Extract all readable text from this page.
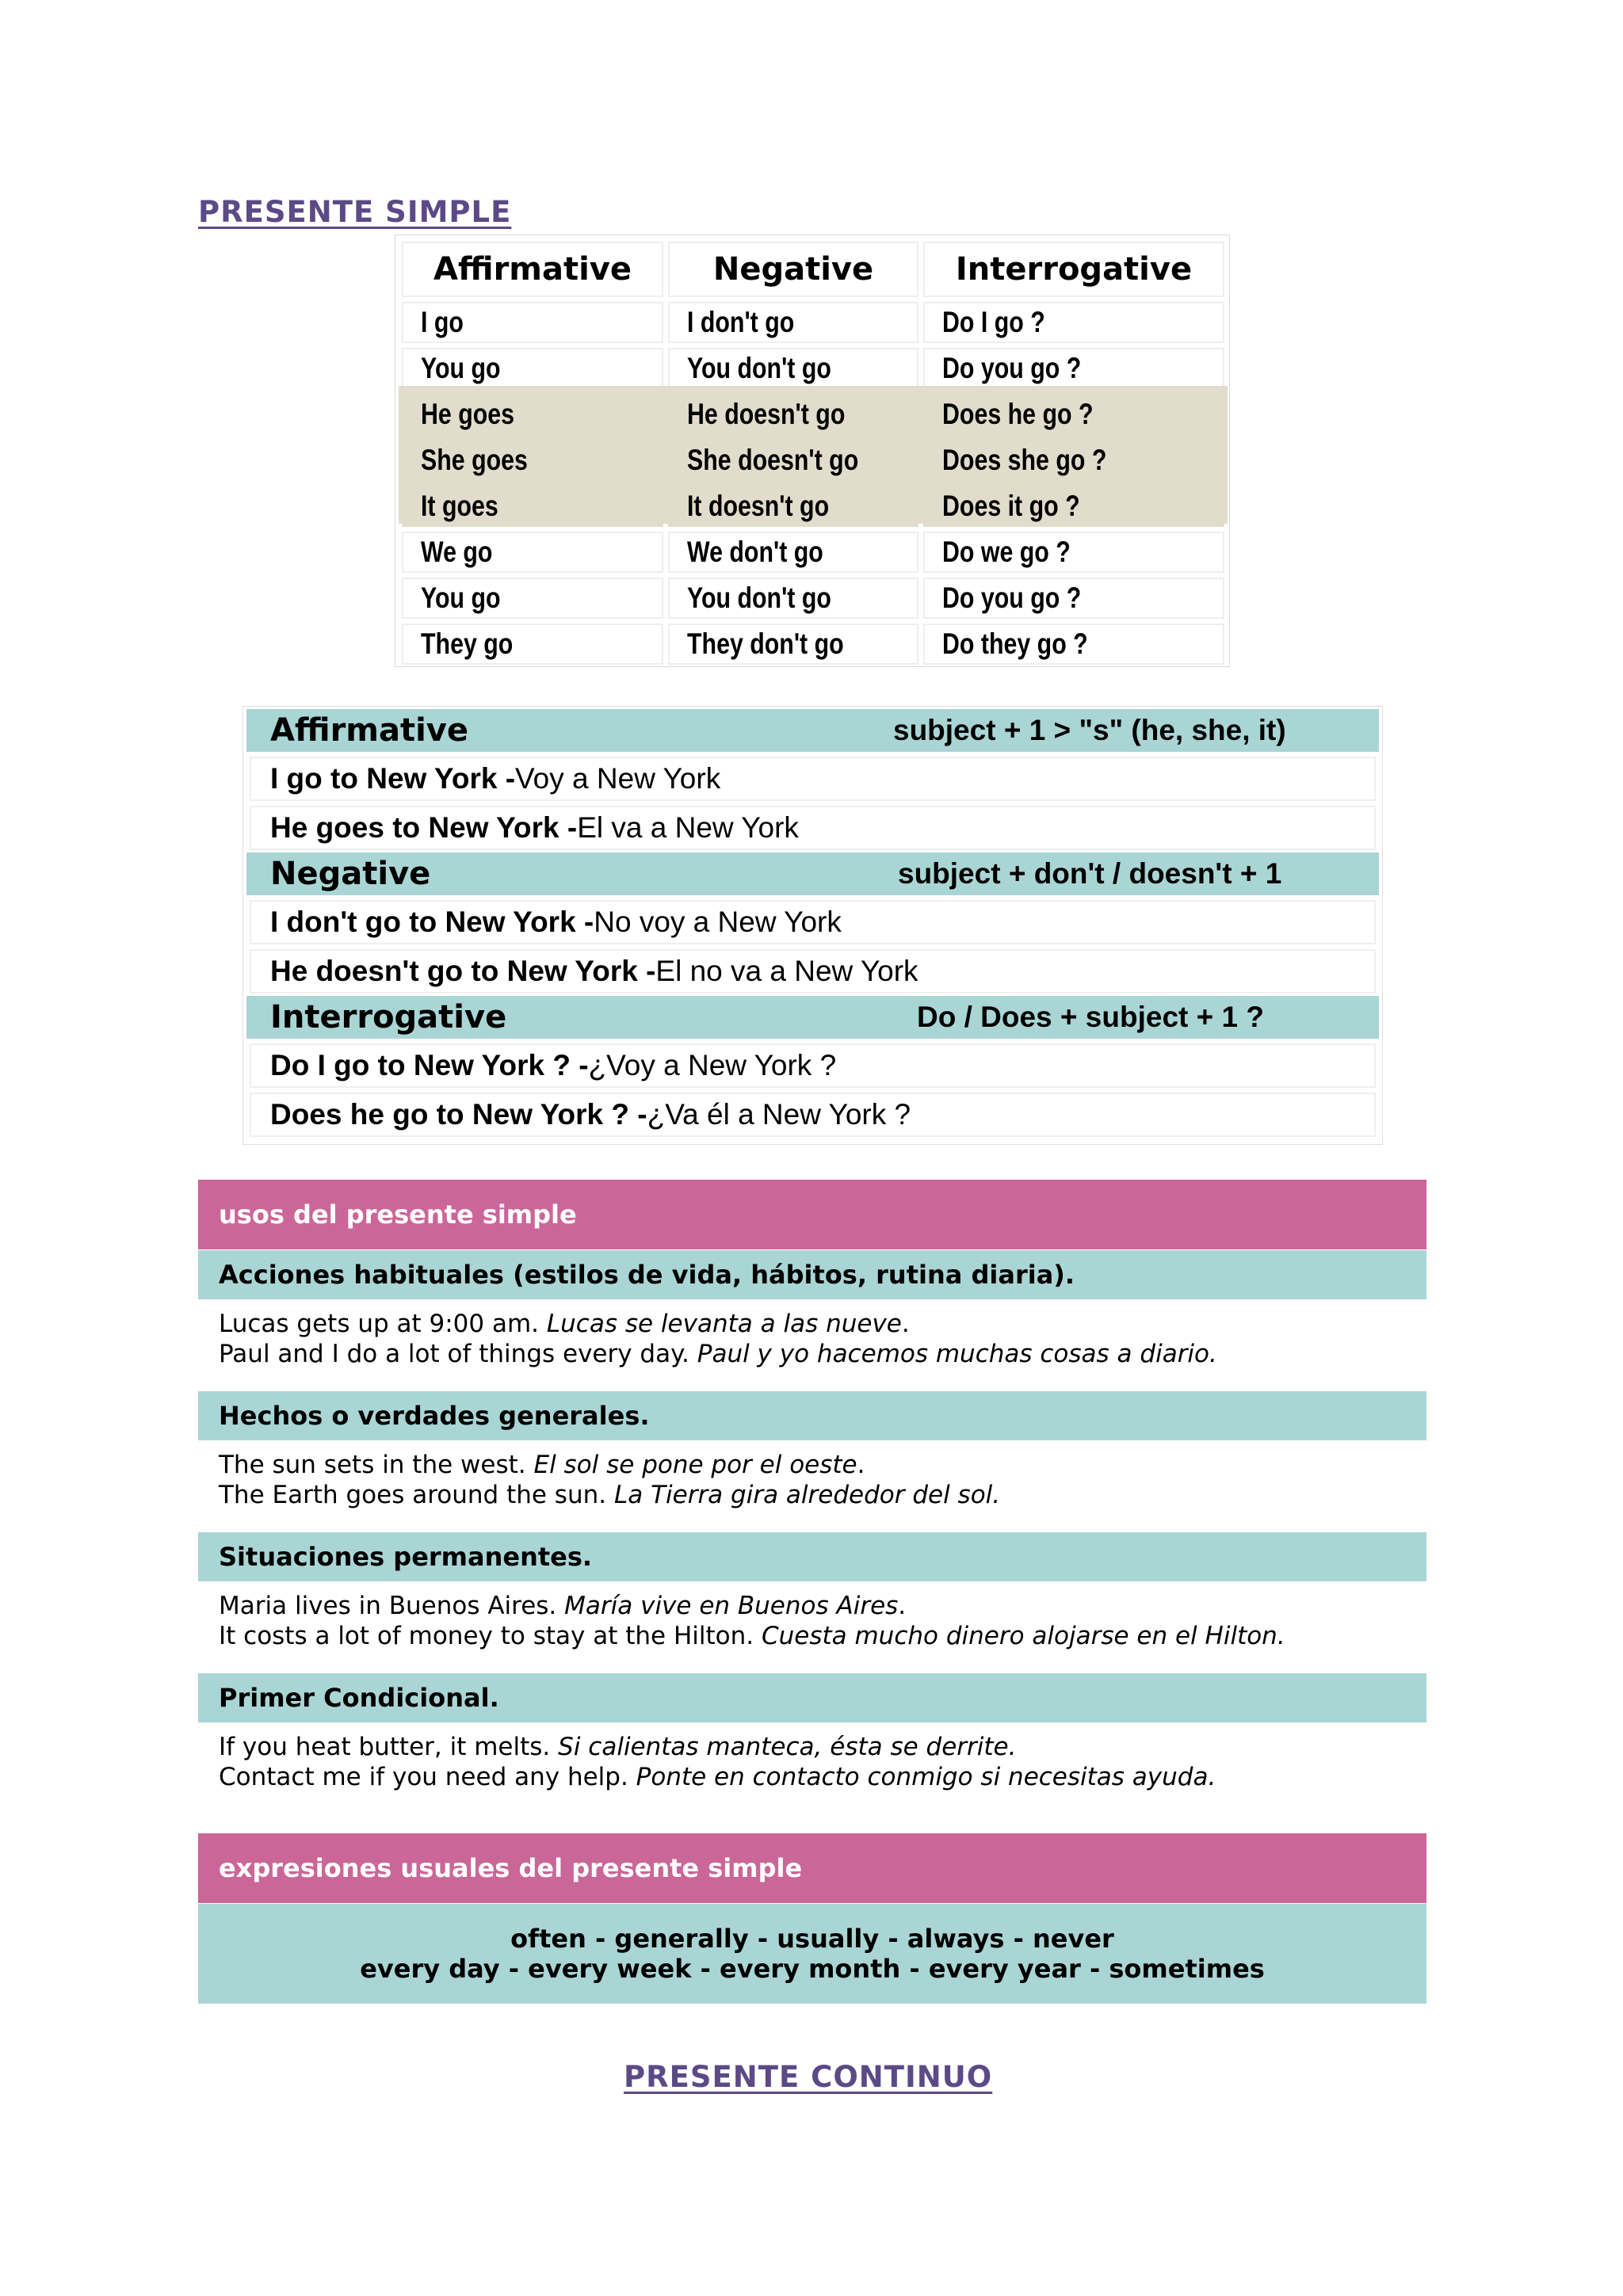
PRESENTE SIMPLE
Affirmative	Negative	Interrogative
I go	I don't go	Do I go ?
You go	You don't go	Do you go ?
He goes	He doesn't go	Does he go ?
She goes	She doesn't go	Does she go ?
It goes	It doesn't go	Does it go ?
We go	We don't go	Do we go ?
You go	You don't go	Do you go ?
They go	They don't go	Do they go ?
Affirmative	subject + 1 > "s" (he, she, it)
I go to New York - Voy a New York
He goes to New York - El va a New York
Negative	subject + don't / doesn't + 1
I don't go to New York - No voy a New York
He doesn't go to New York - El no va a New York
Interrogative	Do / Does + subject + 1 ?
Do I go to New York ? - ¿Voy a New York ?
Does he go to New York ? - ¿Va él a New York ?
usos del presente simple
Acciones habituales (estilos de vida, hábitos, rutina diaria).
Lucas gets up at 9:00 am. Lucas se levanta a las nueve.
Paul and I do a lot of things every day. Paul y yo hacemos muchas cosas a diario.
Hechos o verdades generales.
The sun sets in the west. El sol se pone por el oeste.
The Earth goes around the sun. La Tierra gira alrededor del sol.
Situaciones permanentes.
Maria lives in Buenos Aires. María vive en Buenos Aires.
It costs a lot of money to stay at the Hilton. Cuesta mucho dinero alojarse en el Hilton.
Primer Condicional.
If you heat butter, it melts. Si calientas manteca, ésta se derrite.
Contact me if you need any help. Ponte en contacto conmigo si necesitas ayuda.
expresiones usuales del presente simple
often - generally - usually - always - never
every day - every week - every month - every year - sometimes
PRESENTE CONTINUO
